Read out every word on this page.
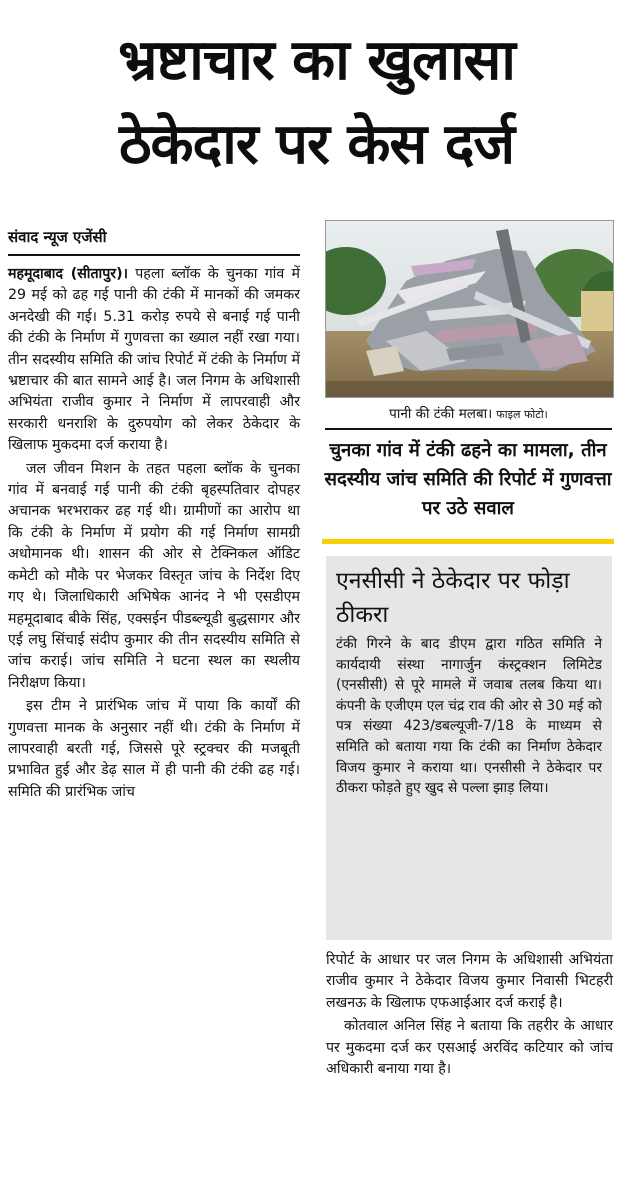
भ्रष्टाचार का खुलासा
ठेकेदार पर केस दर्ज
संवाद न्यूज एजेंसी

महमूदाबाद (सीतापुर)। पहला ब्लॉक के चुनका गांव में 29 मई को ढह गई पानी की टंकी में मानकों की जमकर अनदेखी की गई। 5.31 करोड़ रुपये से बनाई गई पानी की टंकी के निर्माण में गुणवत्ता का ख्याल नहीं रखा गया। तीन सदस्यीय समिति की जांच रिपोर्ट में टंकी के निर्माण में भ्रष्टाचार की बात सामने आई है। जल निगम के अधिशासी अभियंता राजीव कुमार ने निर्माण में लापरवाही और सरकारी धनराशि के दुरुपयोग को लेकर ठेकेदार के खिलाफ मुकदमा दर्ज कराया है।

जल जीवन मिशन के तहत पहला ब्लॉक के चुनका गांव में बनवाई गई पानी की टंकी बृहस्पतिवार दोपहर अचानक भरभराकर ढह गई थी। ग्रामीणों का आरोप था कि टंकी के निर्माण में प्रयोग की गई निर्माण सामग्री अधोमानक थी। शासन की ओर से टेक्निकल ऑडिट कमेटी को मौके पर भेजकर विस्तृत जांच के निर्देश दिए गए थे। जिलाधिकारी अभिषेक आनंद ने भी एसडीएम महमूदाबाद बीके सिंह, एक्सईन पीडब्ल्यूडी बुद्धसागर और एई लघु सिंचाई संदीप कुमार की तीन सदस्यीय समिति से जांच कराई। जांच समिति ने घटना स्थल का स्थलीय निरीक्षण किया।

इस टीम ने प्रारंभिक जांच में पाया कि कार्यों की गुणवत्ता मानक के अनुसार नहीं थी। टंकी के निर्माण में लापरवाही बरती गई, जिससे पूरे स्ट्रक्चर की मजबूती प्रभावित हुई और डेढ़ साल में ही पानी की टंकी ढह गई। समिति की प्रारंभिक जांच

पानी की टंकी मलबा। फाइल फोटो।
चुनका गांव में टंकी ढहने का मामला, तीन सदस्यीय जांच समिति की रिपोर्ट में गुणवत्ता पर उठे सवाल
एनसीसी ने ठेकेदार पर फोड़ा ठीकरा
टंकी गिरने के बाद डीएम द्वारा गठित समिति ने कार्यदायी संस्था नागार्जुन कंस्ट्रक्शन लिमिटेड (एनसीसी) से पूरे मामले में जवाब तलब किया था। कंपनी के एजीएम एल चंद्र राव की ओर से 30 मई को पत्र संख्या 423/डबल्यूजी-7/18 के माध्यम से समिति को बताया गया कि टंकी का निर्माण ठेकेदार विजय कुमार ने कराया था। एनसीसी ने ठेकेदार पर ठीकरा फोड़ते हुए खुद से पल्ला झाड़ लिया।

रिपोर्ट के आधार पर जल निगम के अधिशासी अभियंता राजीव कुमार ने ठेकेदार विजय कुमार निवासी भिटहरी लखनऊ के खिलाफ एफआईआर दर्ज कराई है।

कोतवाल अनिल सिंह ने बताया कि तहरीर के आधार पर मुकदमा दर्ज कर एसआई अरविंद कटियार को जांच अधिकारी बनाया गया है।
